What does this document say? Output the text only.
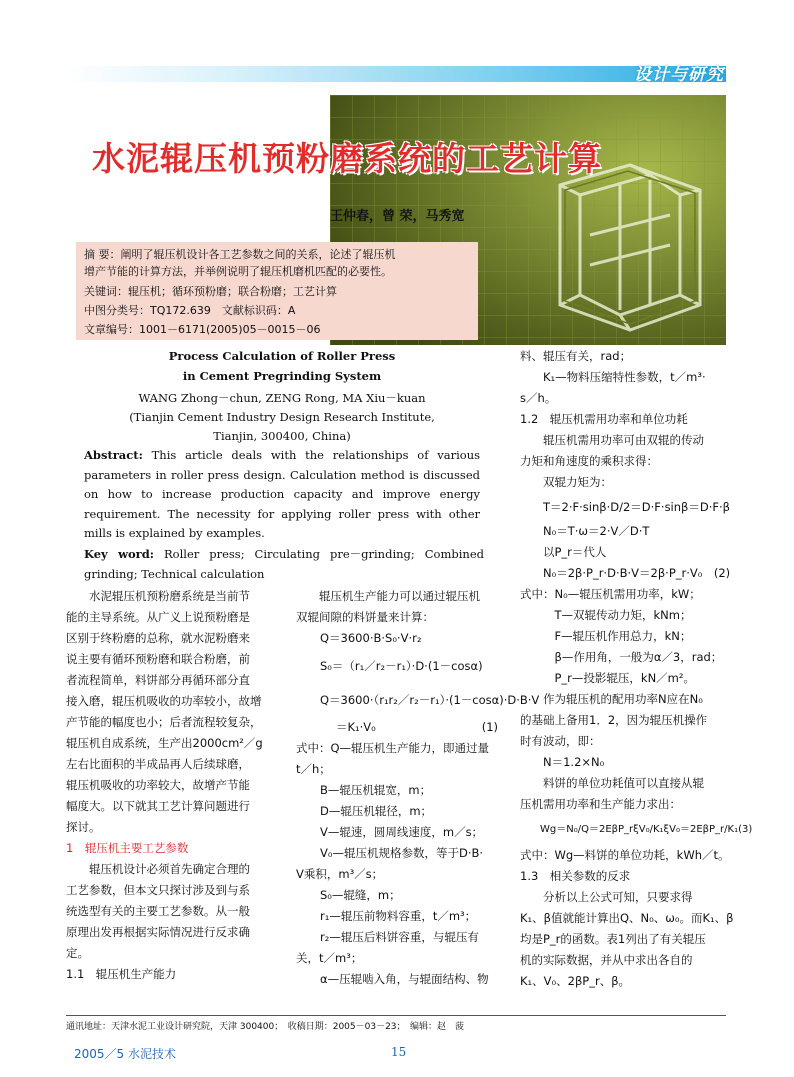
设计与研究
水泥辊压机预粉磨系统的工艺计算
王仲春，曾 荣，马秀宽
摘 要：阐明了辊压机设计各工艺参数之间的关系，论述了辊压机
增产节能的计算方法，并举例说明了辊压机磨机匹配的必要性。
关键词：辊压机；循环预粉磨；联合粉磨；工艺计算
中图分类号：TQ172.639　文献标识码：A
文章编号：1001－6171(2005)05－0015－06
Process Calculation of Roller Press
in Cement Pregrinding System
WANG Zhong－chun, ZENG Rong, MA Xiu－kuan
(Tianjin Cement Industry Design Research Institute,
Tianjin, 300400, China)
Abstract: This article deals with the relationships of various parameters in roller press design. Calculation method is discussed on how to increase production capacity and improve energy requirement. The necessity for applying roller press with other mills is explained by examples.
Key word: Roller press; Circulating pre－grinding; Combined grinding; Technical calculation
　　水泥辊压机预粉磨系统是当前节
能的主导系统。从广义上说预粉磨是
区别于终粉磨的总称，就水泥粉磨来
说主要有循环预粉磨和联合粉磨，前
者流程简单，料饼部分再循环部分直
接入磨，辊压机吸收的功率较小，故增
产节能的幅度也小；后者流程较复杂，
辊压机自成系统，生产出2000cm²／g
左右比面积的半成品再人后续球磨，
辊压机吸收的功率较大，故增产节能
幅度大。以下就其工艺计算问题进行
探讨。
1　辊压机主要工艺参数
　　辊压机设计必须首先确定合理的
工艺参数，但本文只探讨涉及到与系
统选型有关的主要工艺参数。从一般
原理出发再根据实际情况进行反求确
定。
1.1　辊压机生产能力
　　辊压机生产能力可以通过辊压机
双辊间隙的料饼量来计算：
Q＝3600·B·S₀·V·r₂
S₀＝（r₁／r₂－r₁）·D·(1－cosα)
Q＝3600·（r₁r₂／r₂－r₁）·(1－cosα)·D·B·V
＝K₁·V₀	(1)
式中：Q—辊压机生产能力，即通过量
t／h；
B—辊压机辊宽，m；
D—辊压机辊径，m；
V—辊速，圆周线速度，m／s；
V₀—辊压机规格参数，等于D·B·
V乘积，m³／s；
S₀—辊缝，m；
r₁—辊压前物料容重，t／m³；
r₂—辊压后料饼容重，与辊压有
关，t／m³；
α—压辊啮入角，与辊面结构、物
料、辊压有关，rad；
　　K₁—物料压缩特性参数，t／m³·
s／h。
1.2　辊压机需用功率和单位功耗
　　辊压机需用功率可由双辊的传动
力矩和角速度的乘积求得：
　　双辊力矩为：
　　T＝2·F·sinβ·D/2＝D·F·sinβ＝D·F·β
　　N₀＝T·ω＝2·V／D·T
　　以P_r＝代人
　　N₀＝2β·P_r·D·B·V＝2β·P_r·V₀　(2)
式中：N₀—辊压机需用功率，kW；
　　　T—双辊传动力矩，kNm；
　　　F—辊压机作用总力，kN；
　　　β—作用角，一般为α／3，rad；
　　　P_r—投影辊压，kN／m²。
　　作为辊压机的配用功率N应在N₀
的基础上备用1．2，因为辊压机操作
时有波动，即：
　　N＝1.2×N₀
　　料饼的单位功耗值可以直接从辊
压机需用功率和生产能力求出：
　　Wg＝N₀/Q＝2EβP_rξV₀/K₁ξV₀＝2EβP_r/K₁(3)
式中：Wg—料饼的单位功耗，kWh／t。
1.3　相关参数的反求
　　分析以上公式可知，只要求得
K₁、β值就能计算出Q、N₀、ω₀。而K₁、β
均是P_r的函数。表1列出了有关辊压
机的实际数据，并从中求出各自的
K₁、V₀、2βP_r、β。
通讯地址：天津水泥工业设计研究院，天津 300400；　收稿日期：2005－03－23；　编辑：赵　菠
2005／5 水泥技术	15
